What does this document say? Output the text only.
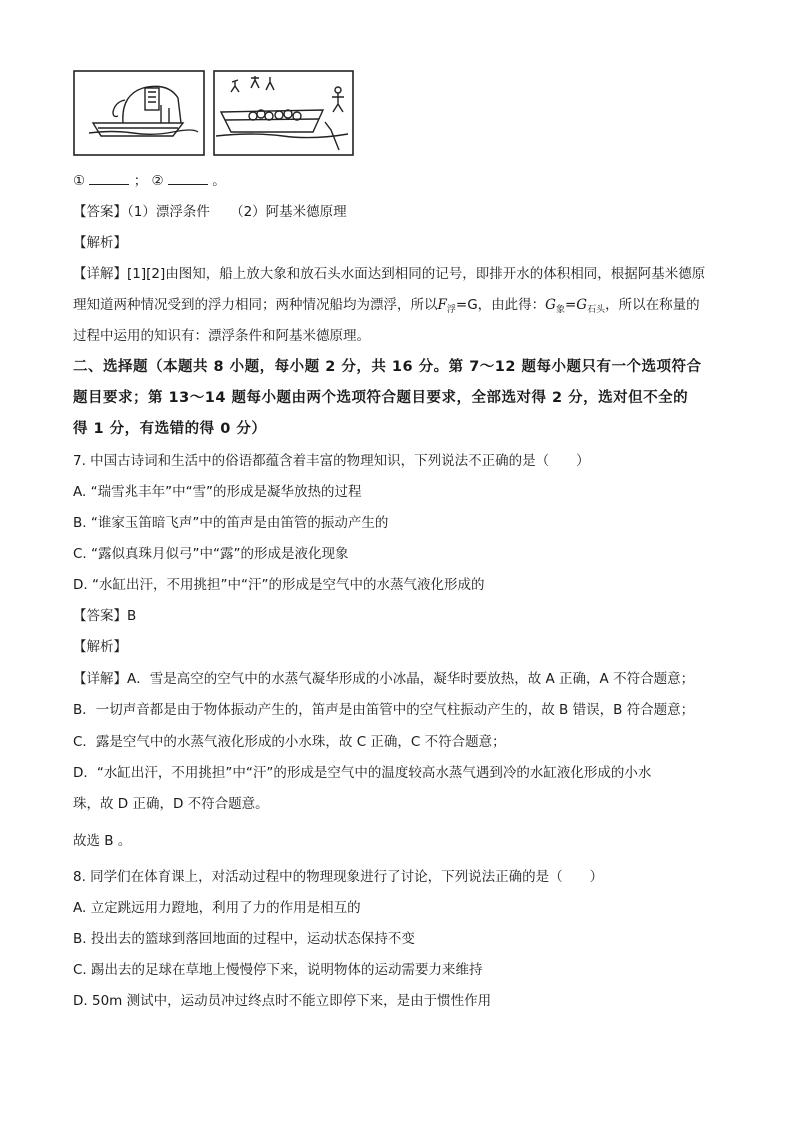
①	； ②	。
【答案】（1）漂浮条件　　（2）阿基米德原理
【解析】
【详解】[1][2]由图知，船上放大象和放石头水面达到相同的记号，即排开水的体积相同，根据阿基米德原
理知道两种情况受到的浮力相同；两种情况船均为漂浮，所以$F_浮=G$，由此得：$G_象=G_{石头}$，所以在称量的
过程中运用的知识有：漂浮条件和阿基米德原理。
二、选择题（本题共 8 小题，每小题 2 分，共 16 分。第 7～12 题每小题只有一个选项符合
题目要求；第 13～14 题每小题由两个选项符合题目要求，全部选对得 2 分，选对但不全的
得 1 分，有选错的得 0 分）
7. 中国古诗词和生活中的俗语都蕴含着丰富的物理知识，下列说法不正确的是（　　）
A. “瑞雪兆丰年”中“雪”的形成是凝华放热的过程
B. “谁家玉笛暗飞声”中的笛声是由笛管的振动产生的
C. “露似真珠月似弓”中“露”的形成是液化现象
D. “水缸出汗，不用挑担”中“汗”的形成是空气中的水蒸气液化形成的
【答案】B
【解析】
【详解】A．雪是高空的空气中的水蒸气凝华形成的小冰晶，凝华时要放热，故 A 正确，A 不符合题意；
B．一切声音都是由于物体振动产生的，笛声是由笛管中的空气柱振动产生的，故 B 错误，B 符合题意；
C．露是空气中的水蒸气液化形成的小水珠，故 C 正确，C 不符合题意；
D．“水缸出汗，不用挑担”中“汗”的形成是空气中的温度较高水蒸气遇到冷的水缸液化形成的小水
珠，故 D 正确，D 不符合题意。
故选 B 。
8. 同学们在体育课上，对活动过程中的物理现象进行了讨论，下列说法正确的是（　　）
A. 立定跳远用力蹬地，利用了力的作用是相互的
B. 投出去的篮球到落回地面的过程中，运动状态保持不变
C. 踢出去的足球在草地上慢慢停下来，说明物体的运动需要力来维持
D. 50m 测试中，运动员冲过终点时不能立即停下来，是由于惯性作用
